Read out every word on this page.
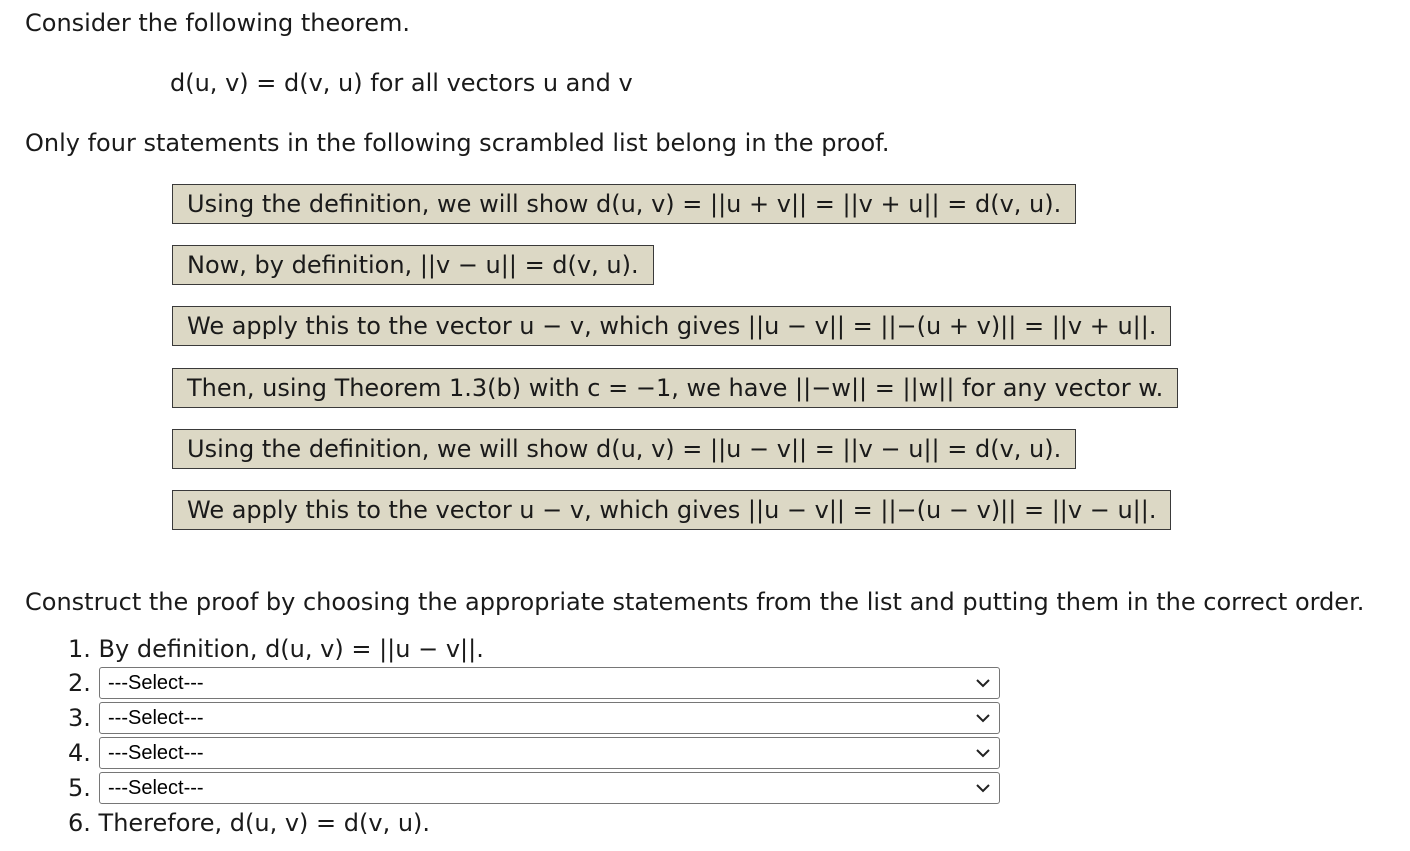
Consider the following theorem.
d(u, v) = d(v, u) for all vectors u and v
Only four statements in the following scrambled list belong in the proof.
Using the definition, we will show d(u, v) = ||u + v|| = ||v + u|| = d(v, u).
Now, by definition, ||v − u|| = d(v, u).
We apply this to the vector u − v, which gives ||u − v|| = ||−(u + v)|| = ||v + u||.
Then, using Theorem 1.3(b) with c = −1, we have ||−w|| = ||w|| for any vector w.
Using the definition, we will show d(u, v) = ||u − v|| = ||v − u|| = d(v, u).
We apply this to the vector u − v, which gives ||u − v|| = ||−(u − v)|| = ||v − u||.
Construct the proof by choosing the appropriate statements from the list and putting them in the correct order.
1. By definition, d(u, v) = ||u − v||.
2. ---Select---
3. ---Select---
4. ---Select---
5. ---Select---
6. Therefore, d(u, v) = d(v, u).
